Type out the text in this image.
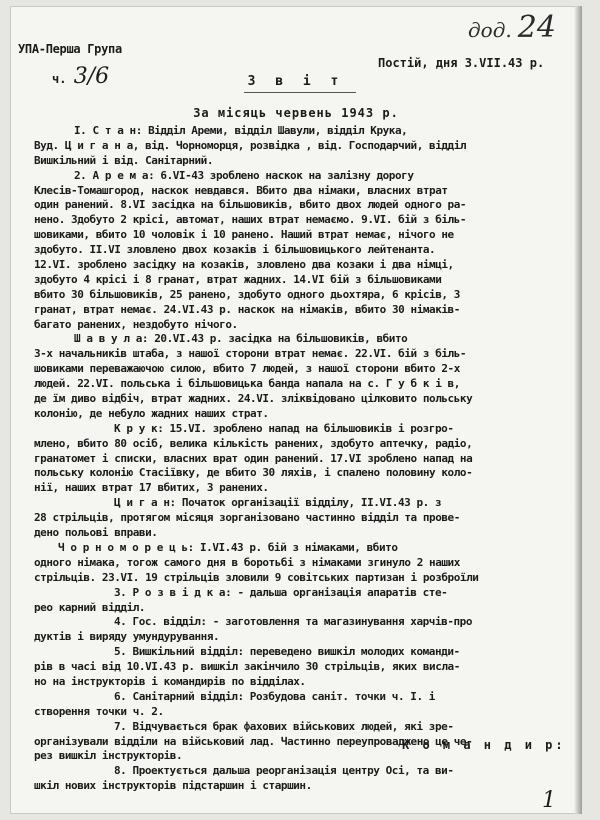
УПА-Перша Група
ч. 3/6
дод. 24
Постій, дня 3.VII.43 р.
З в і т
За місяць червень 1943 р.
І. С т а н: Відділ Ареми, відділ Шавули, відділ Крука,
Вуд. Ц и г а н а, від. Чорноморця, розвідка , від. Господарчий, відділ
Вишкільний і від. Санітарний.
2. А р е м а: 6.VI-43 зроблено наскок на залізну дорогу
Клесів-Томашгород, наскок невдався. Вбито два німаки, власних втрат
один ранений. 8.VI засідка на більшовиків, вбито двох людей одного ра-
нено. Здобуто 2 крісі, автомат, наших втрат немаємо. 9.VI. бій з біль-
шовиками, вбито 10 чоловік і 10 ранено. Наший втрат немає, нічого не
здобуто. II.VI зловлено двох козаків і більшовицького лейтенанта.
12.VI. зроблено засідку на козаків, зловлено два козаки і два німці,
здобуто 4 крісі і 8 гранат, втрат жадних. 14.VI бій з більшовиками
вбито 30 більшовиків, 25 ранено, здобуто одного дьохтяра, 6 крісів, 3
гранат, втрат немає. 24.VI.43 р. наскок на німаків, вбито 30 німаків-
багато ранених, нездобуто нічого.
Ш а в у л а: 20.VI.43 р. засідка на більшовиків, вбито
3-х начальників штаба, з нашої сторони втрат немає. 22.VI. бій з біль-
шовиками переважаючою силою, вбито 7 людей, з нашої сторони вбито 2-х
людей. 22.VI. польська і більшовицька банда напала на с. Г у б к і в,
де їм диво відбіч, втрат жадних. 24.VI. зліквідовано цілковито польську
колонію, де небуло жадних наших страт.
К р у к: 15.VI. зроблено напад на більшовиків і розгро-
млено, вбито 80 осіб, велика кількість ранених, здобуто аптечку, радіо,
гранатомет і списки, власних врат один ранений. 17.VI зроблено напад на
польську колонію Стасіївку, де вбито 30 ляхів, і спалено половину коло-
нії, наших втрат 17 вбитих, 3 ранених.
Ц и г а н: Початок організації відділу, II.VI.43 р. з
28 стрільців, протягом місяця зорганізовано частинно відділ та прове-
дено польові вправи.
Ч о р н о м о р е ц ь: I.VI.43 р. бій з німаками, вбито
одного німака, тогож самого дня в боротьбі з німаками згинуло 2 наших
стрільців. 23.VI. 19 стрільців зловили 9 совітських партизан і розброїли
3. Р о з в і д к а: - дальша організація апаратів сте-
рео карний відділ.
4. Гос. відділ: - заготовлення та магазинування харчів-про
дуктів і виряду умундурування.
5. Вишкільний відділ: переведено вишкіл молодих команди-
рів в часі від 10.VI.43 р. вишкіл закінчило 30 стрільців, яких висла-
но на інструкторів і командирів по відділах.
6. Санітарний відділ: Розбудова саніт. точки ч. I. і
створення точки ч. 2.
7. Відчувається брак фахових військових людей, які зре-
організували відділи на військовий лад. Частинно переупроваджено це че-
рез вишкіл інструкторів.
8. Проектується дальша реорганізація центру Осі, та ви-
шкіл нових інструкторів підстаршин і старшин.
К о м а н д и р:
1
